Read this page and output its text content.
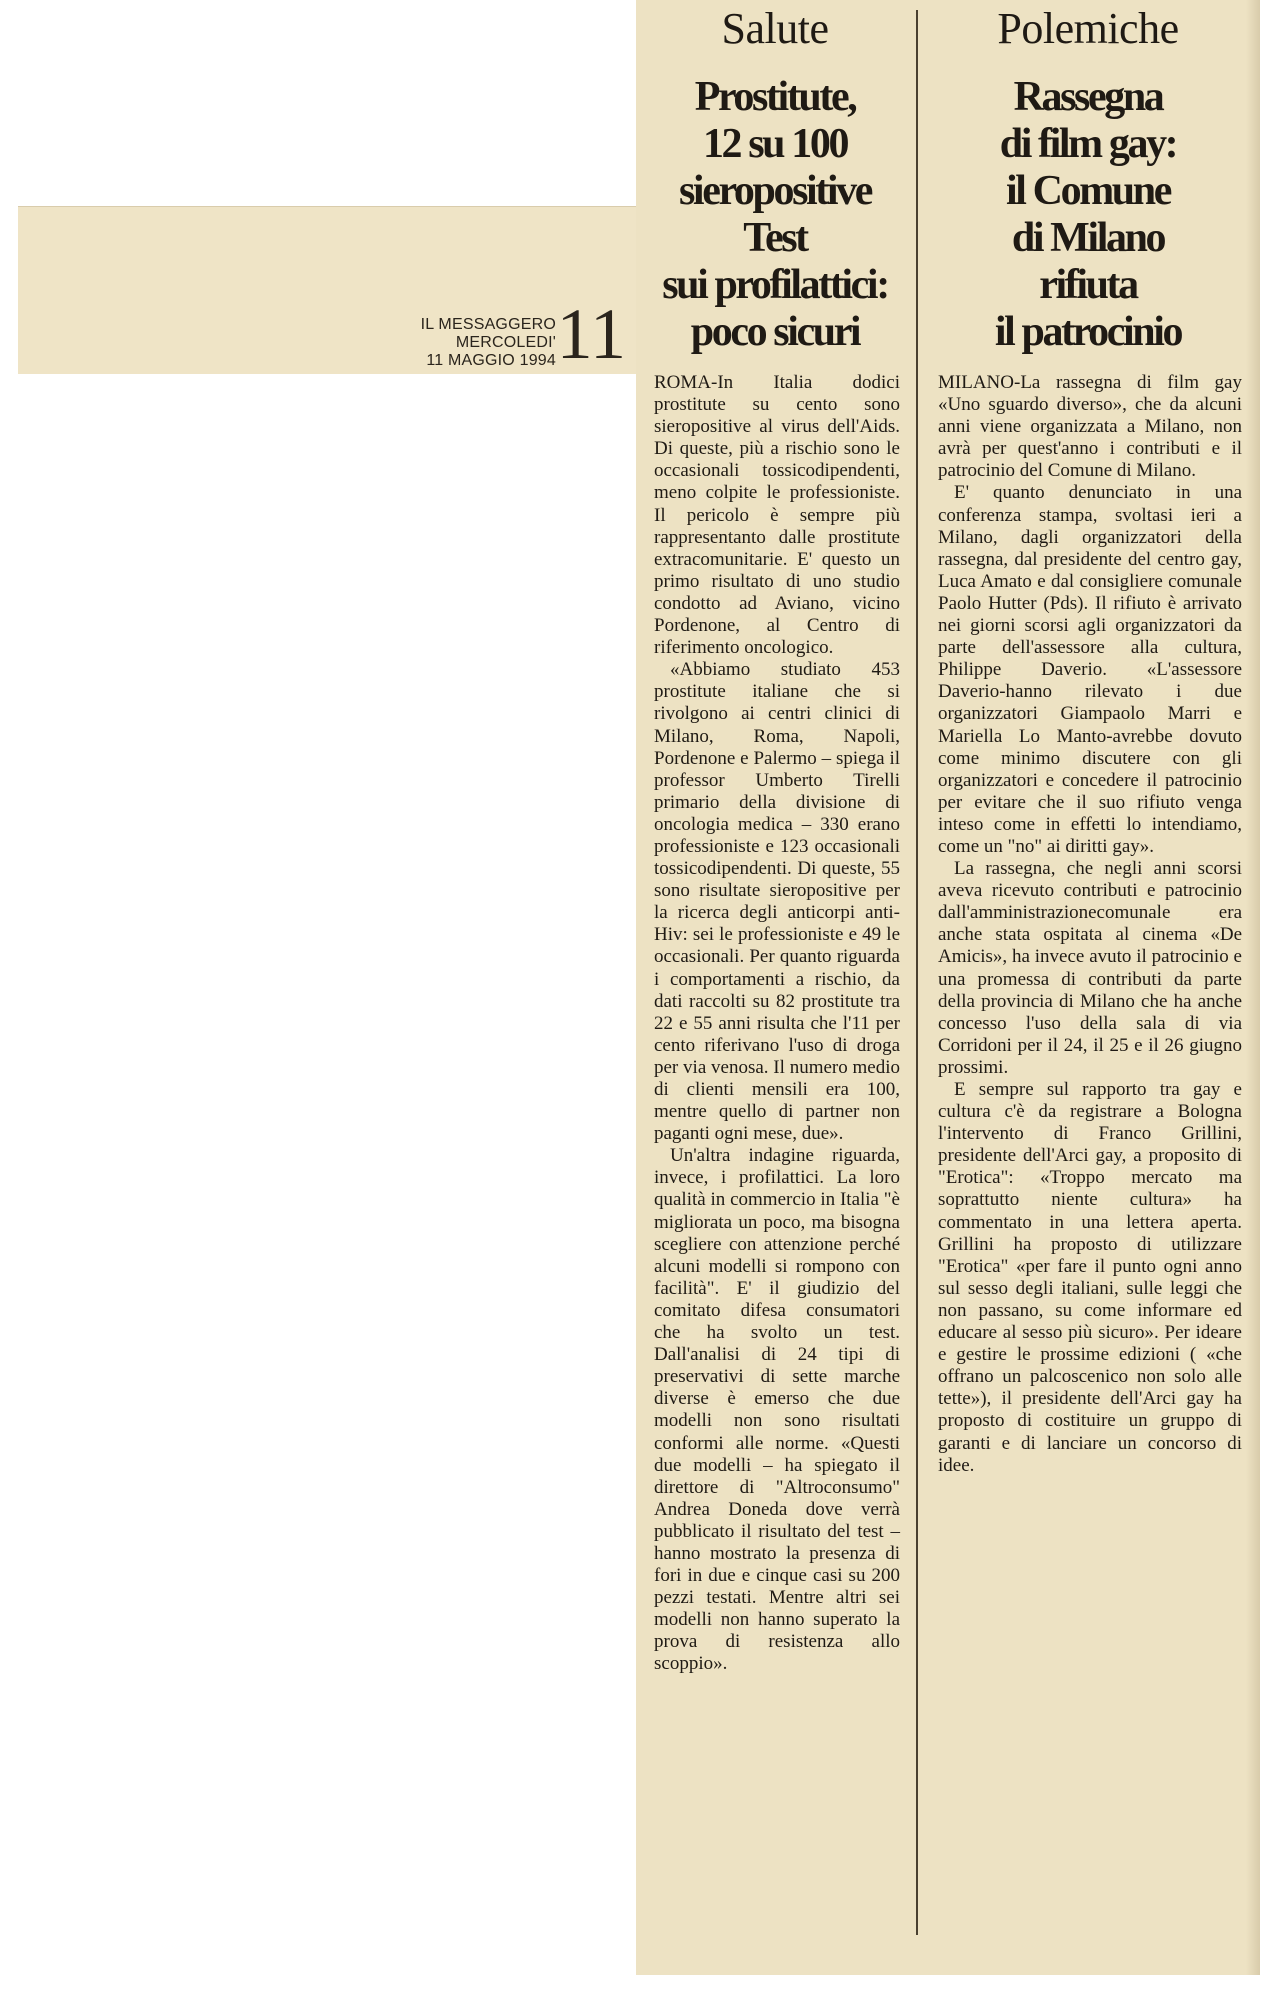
IL MESSAGGERO
MERCOLEDI'
11 MAGGIO 1994 11
Salute
Prostitute,
12 su 100
sieropositive
Test
sui profilattici:
poco sicuri

ROMA-In Italia dodici prostitute su cento sono sieropositive al virus dell'Aids. Di queste, più a rischio sono le occasionali tossicodipendenti, meno colpite le professioniste. Il pericolo è sempre più rappresentanto dalle prostitute extracomunitarie. E' questo un primo risultato di uno studio condotto ad Aviano, vicino Pordenone, al Centro di riferimento oncologico.

«Abbiamo studiato 453 prostitute italiane che si rivolgono ai centri clinici di Milano, Roma, Napoli, Pordenone e Palermo – spiega il professor Umberto Tirelli primario della divisione di oncologia medica – 330 erano professioniste e 123 occasionali tossicodipendenti. Di queste, 55 sono risultate sieropositive per la ricerca degli anticorpi anti-Hiv: sei le professioniste e 49 le occasionali. Per quanto riguarda i comportamenti a rischio, da dati raccolti su 82 prostitute tra 22 e 55 anni risulta che l'11 per cento riferivano l'uso di droga per via venosa. Il numero medio di clienti mensili era 100, mentre quello di partner non paganti ogni mese, due».

Un'altra indagine riguarda, invece, i profilattici. La loro qualità in commercio in Italia "è migliorata un poco, ma bisogna scegliere con attenzione perché alcuni modelli si rompono con facilità". E' il giudizio del comitato difesa consumatori che ha svolto un test. Dall'analisi di 24 tipi di preservativi di sette marche diverse è emerso che due modelli non sono risultati conformi alle norme. «Questi due modelli – ha spiegato il direttore di "Altroconsumo" Andrea Doneda dove verrà pubblicato il risultato del test – hanno mostrato la presenza di fori in due e cinque casi su 200 pezzi testati. Mentre altri sei modelli non hanno superato la prova di resistenza allo scoppio».

Polemiche
Rassegna
di film gay:
il Comune
di Milano
rifiuta
il patrocinio

MILANO-La rassegna di film gay «Uno sguardo diverso», che da alcuni anni viene organizzata a Milano, non avrà per quest'anno i contributi e il patrocinio del Comune di Milano.

E' quanto denunciato in una conferenza stampa, svoltasi ieri a Milano, dagli organizzatori della rassegna, dal presidente del centro gay, Luca Amato e dal consigliere comunale Paolo Hutter (Pds). Il rifiuto è arrivato nei giorni scorsi agli organizzatori da parte dell'assessore alla cultura, Philippe Daverio. «L'assessore Daverio-hanno rilevato i due organizzatori Giampaolo Marri e Mariella Lo Manto-avrebbe dovuto come minimo discutere con gli organizzatori e concedere il patrocinio per evitare che il suo rifiuto venga inteso come in effetti lo intendiamo, come un "no" ai diritti gay».

La rassegna, che negli anni scorsi aveva ricevuto contributi e patrocinio dall'amministrazionecomunale era anche stata ospitata al cinema «De Amicis», ha invece avuto il patrocinio e una promessa di contributi da parte della provincia di Milano che ha anche concesso l'uso della sala di via Corridoni per il 24, il 25 e il 26 giugno prossimi.

E sempre sul rapporto tra gay e cultura c'è da registrare a Bologna l'intervento di Franco Grillini, presidente dell'Arci gay, a proposito di "Erotica": «Troppo mercato ma soprattutto niente cultura» ha commentato in una lettera aperta. Grillini ha proposto di utilizzare "Erotica" «per fare il punto ogni anno sul sesso degli italiani, sulle leggi che non passano, su come informare ed educare al sesso più sicuro». Per ideare e gestire le prossime edizioni ( «che offrano un palcoscenico non solo alle tette»), il presidente dell'Arci gay ha proposto di costituire un gruppo di garanti e di lanciare un concorso di idee.
